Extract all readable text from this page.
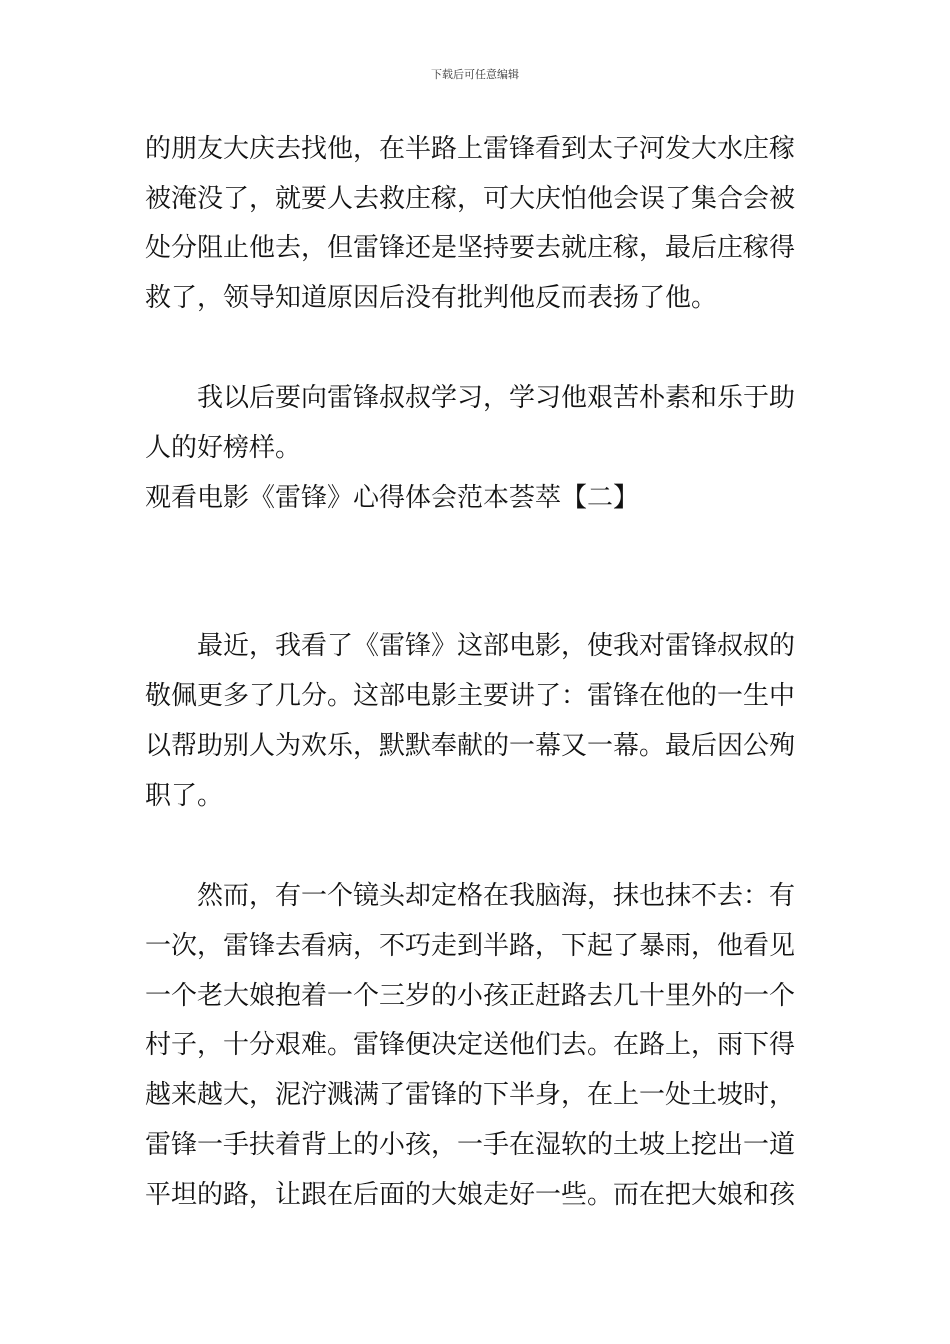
下载后可任意编辑
的朋友大庆去找他，在半路上雷锋看到太子河发大水庄稼
被淹没了，就要人去救庄稼，可大庆怕他会误了集合会被
处分阻止他去，但雷锋还是坚持要去就庄稼，最后庄稼得
救了，领导知道原因后没有批判他反而表扬了他。
　　我以后要向雷锋叔叔学习，学习他艰苦朴素和乐于助
人的好榜样。
观看电影《雷锋》心得体会范本荟萃【二】
　　最近，我看了《雷锋》这部电影，使我对雷锋叔叔的
敬佩更多了几分。这部电影主要讲了：雷锋在他的一生中
以帮助别人为欢乐，默默奉献的一幕又一幕。最后因公殉
职了。
　　然而，有一个镜头却定格在我脑海，抹也抹不去：有
一次，雷锋去看病，不巧走到半路，下起了暴雨，他看见
一个老大娘抱着一个三岁的小孩正赶路去几十里外的一个
村子，十分艰难。雷锋便决定送他们去。在路上，雨下得
越来越大，泥泞溅满了雷锋的下半身，在上一处土坡时，
雷锋一手扶着背上的小孩，一手在湿软的土坡上挖出一道
平坦的路，让跟在后面的大娘走好一些。而在把大娘和孩
